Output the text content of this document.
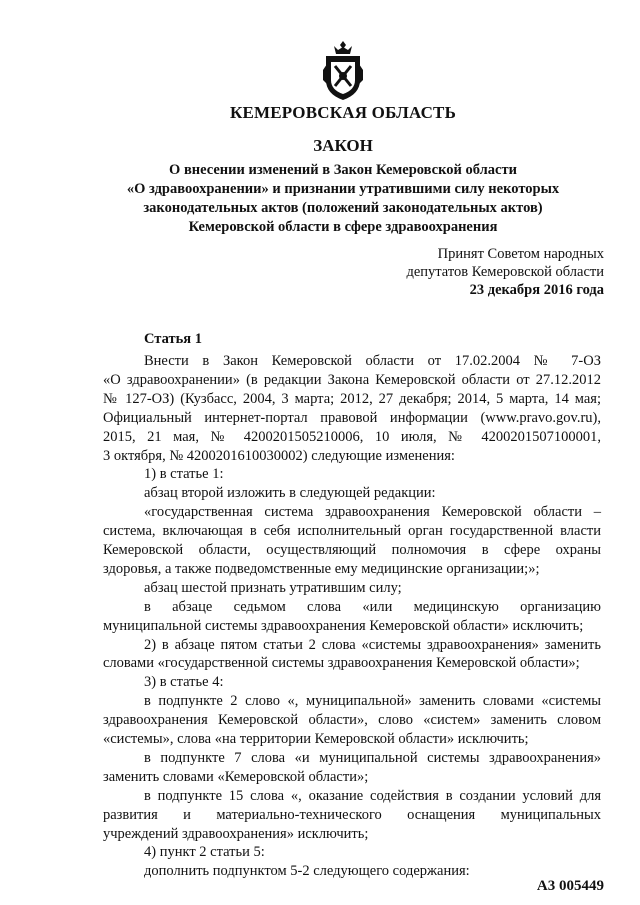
КЕМЕРОВСКАЯ ОБЛАСТЬ
ЗАКОН
О внесении изменений в Закон Кемеровской области
«О здравоохранении» и признании утратившими силу некоторых
законодательных актов (положений законодательных актов)
Кемеровской области в сфере здравоохранения
Принят Советом народных
депутатов Кемеровской области
23 декабря 2016 года
Статья 1
Внести в Закон Кемеровской области от 17.02.2004 № 7-ОЗ
«О здравоохранении» (в редакции Закона Кемеровской области от 27.12.2012
№ 127-ОЗ) (Кузбасс, 2004, 3 марта; 2012, 27 декабря; 2014, 5 марта, 14 мая;
Официальный интернет-портал правовой информации (www.pravo.gov.ru),
2015, 21 мая, № 4200201505210006, 10 июля, № 4200201507100001,
3 октября, № 4200201610030002) следующие изменения:
1) в статье 1:
абзац второй изложить в следующей редакции:
«государственная система здравоохранения Кемеровской области –
система, включающая в себя исполнительный орган государственной власти
Кемеровской области, осуществляющий полномочия в сфере охраны
здоровья, а также подведомственные ему медицинские организации;»;
абзац шестой признать утратившим силу;
в абзаце седьмом слова «или медицинскую организацию
муниципальной системы здравоохранения Кемеровской области» исключить;
2) в абзаце пятом статьи 2 слова «системы здравоохранения» заменить
словами «государственной системы здравоохранения Кемеровской области»;
3) в статье 4:
в подпункте 2 слово «, муниципальной» заменить словами «системы
здравоохранения Кемеровской области», слово «систем» заменить словом
«системы», слова «на территории Кемеровской области» исключить;
в подпункте 7 слова «и муниципальной системы здравоохранения»
заменить словами «Кемеровской области»;
в подпункте 15 слова «, оказание содействия в создании условий для
развития и материально-технического оснащения муниципальных
учреждений здравоохранения» исключить;
4) пункт 2 статьи 5:
дополнить подпунктом 5-2 следующего содержания:
А3 005449
